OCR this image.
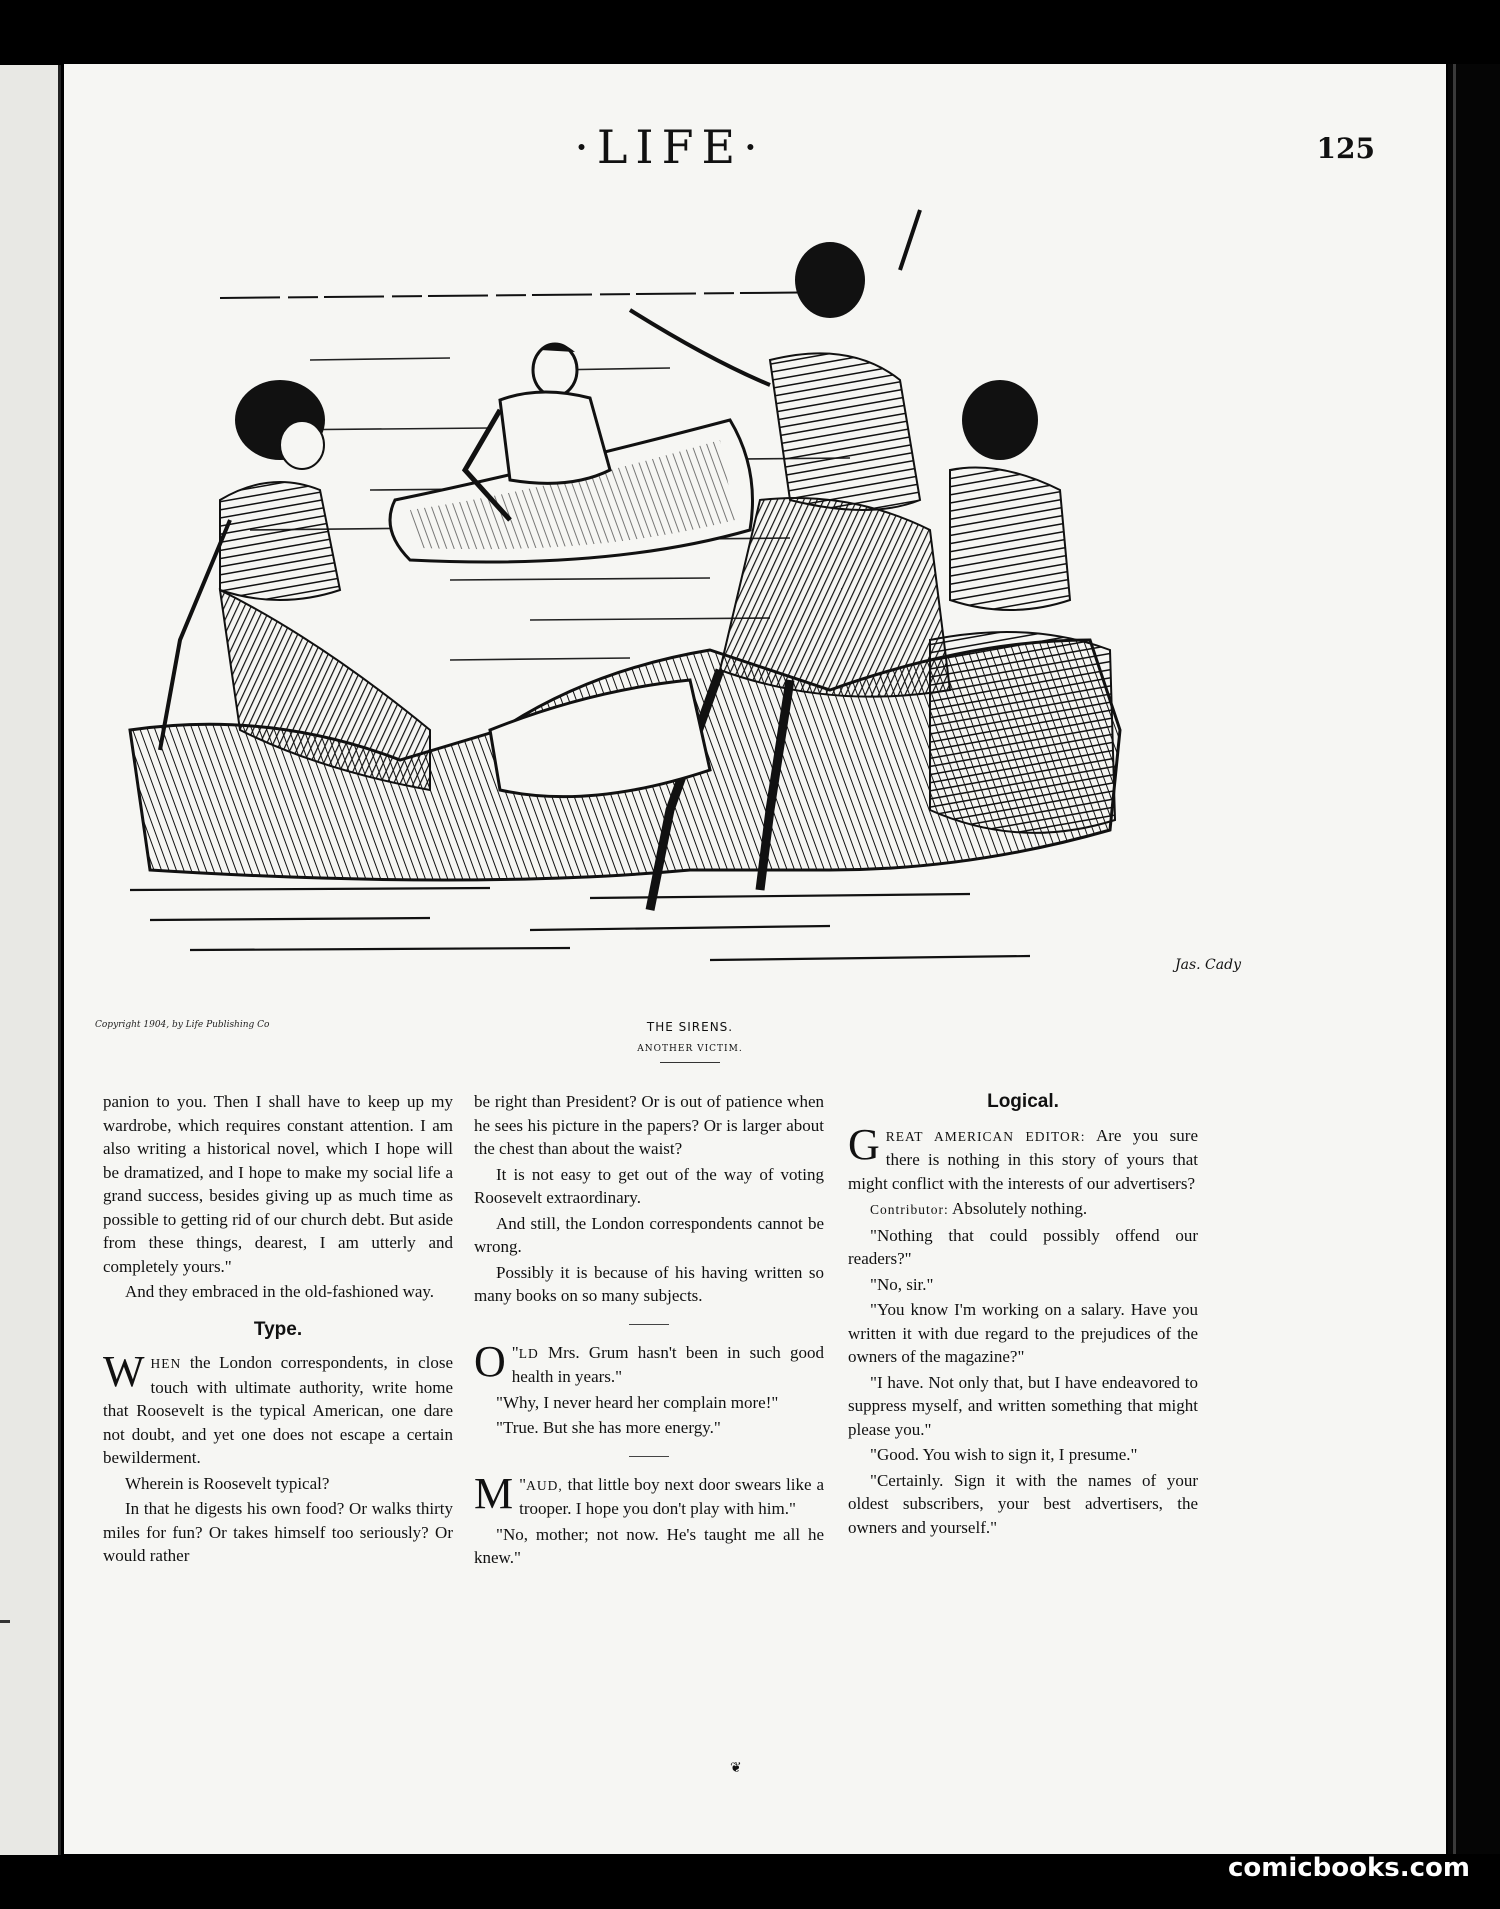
·LIFE·	125
Jas. Cady
Copyright 1904, by Life Publishing Co	THE SIRENS.
ANOTHER VICTIM.

panion to you. Then I shall have to keep up my wardrobe, which requires constant attention. I am also writing a historical novel, which I hope will be dramatized, and I hope to make my social life a grand success, besides giving up as much time as possible to getting rid of our church debt. But aside from these things, dearest, I am utterly and completely yours."

And they embraced in the old-fashioned way.

Type.

WHEN the London correspondents, in close touch with ultimate authority, write home that Roosevelt is the typical American, one dare not doubt, and yet one does not escape a certain bewilderment.

Wherein is Roosevelt typical?

In that he digests his own food? Or walks thirty miles for fun? Or takes himself too seriously? Or would rather

be right than President? Or is out of patience when he sees his picture in the papers? Or is larger about the chest than about the waist?

It is not easy to get out of the way of voting Roosevelt extraordinary.

And still, the London correspondents cannot be wrong.

Possibly it is because of his having written so many books on so many subjects.

"
O LD Mrs. Grum hasn't been in such good health in years."

"Why, I never heard her complain more!"

"True. But she has more energy."

"
M AUD, that little boy next door swears like a trooper. I hope you don't play with him."

"No, mother; not now. He's taught me all he knew."

Logical.

GREAT AMERICAN EDITOR: Are you sure there is nothing in this story of yours that might conflict with the interests of our advertisers?

Contributor: Absolutely nothing.

"Nothing that could possibly offend our readers?"

"No, sir."

"You know I'm working on a salary. Have you written it with due regard to the prejudices of the owners of the magazine?"

"I have. Not only that, but I have endeavored to suppress myself, and written something that might please you."

"Good. You wish to sign it, I presume."

"Certainly. Sign it with the names of your oldest subscribers, your best advertisers, the owners and yourself."

❦
comicbooks.com
